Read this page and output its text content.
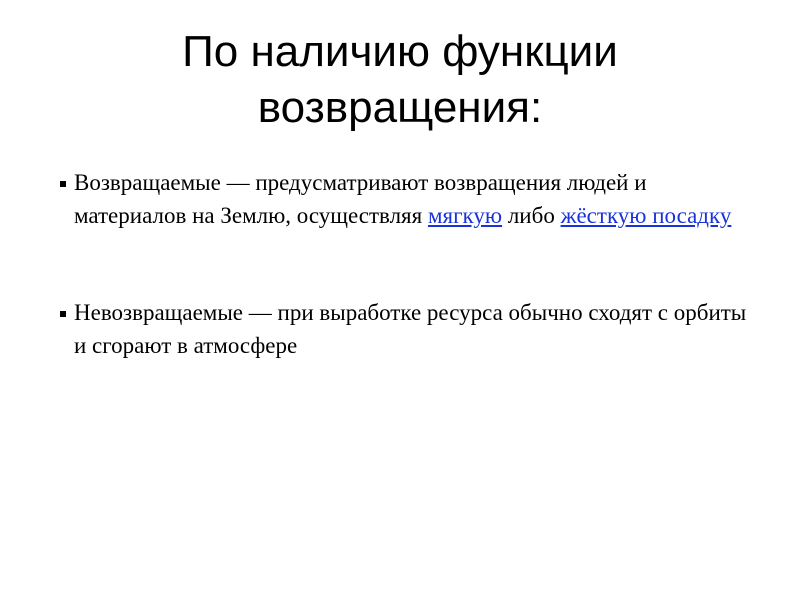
По наличию функции
возвращения:
Возвращаемые — предусматривают возвращения людей и материалов на Землю, осуществляя мягкую либо жёсткую посадку
Невозвращаемые — при выработке ресурса обычно сходят с орбиты и сгорают в атмосфере
